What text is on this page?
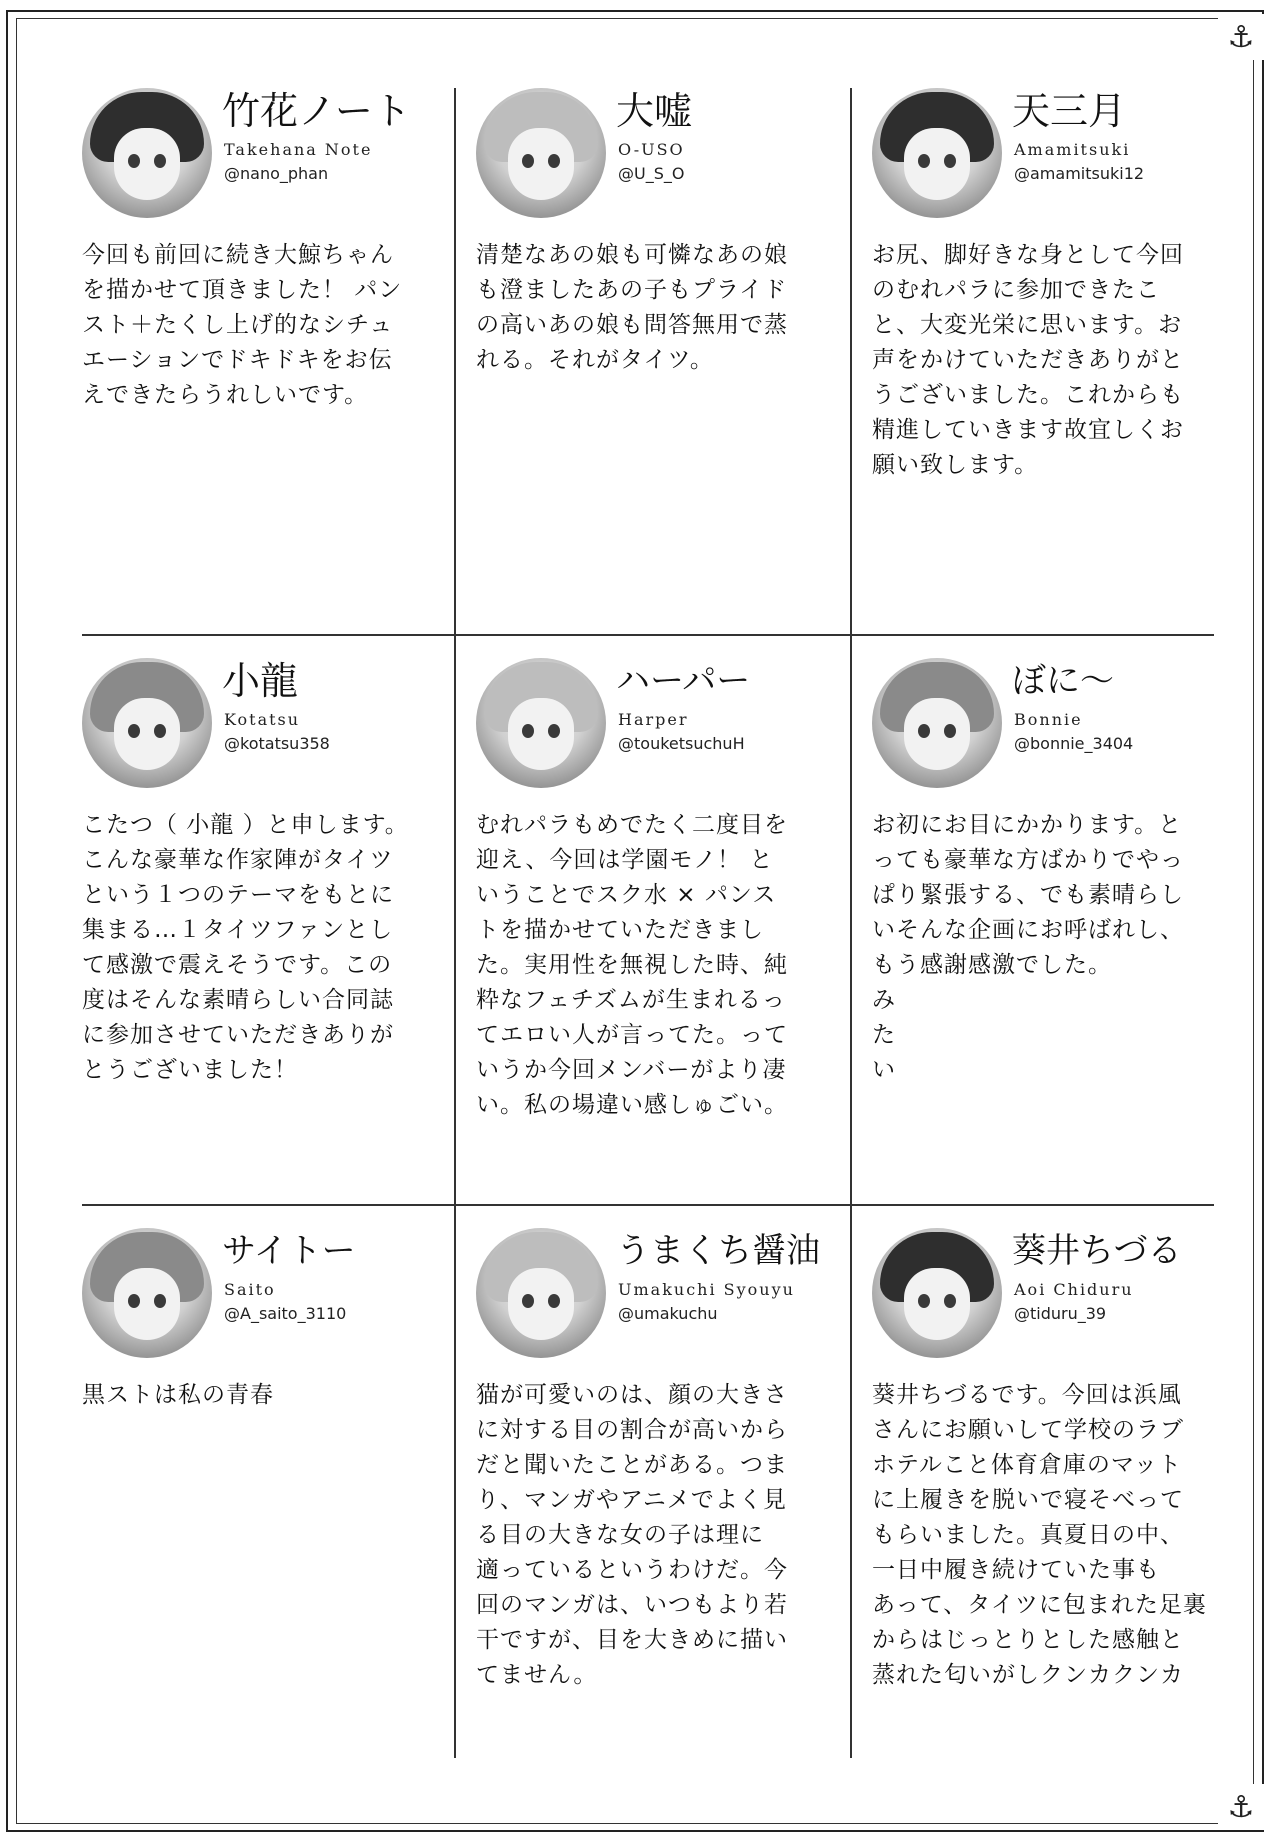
⚓
⚓
竹花ノート
Takehana Note
@nano_phan

今回も前回に続き大鯨ちゃん
を描かせて頂きました！ パン
スト＋たくし上げ的なシチュ
エーションでドキドキをお伝
えできたらうれしいです。

大嘘
O-USO
@U_S_O

清楚なあの娘も可憐なあの娘
も澄ましたあの子もプライド
の高いあの娘も問答無用で蒸
れる。それがタイツ。

天三月
Amamitsuki
@amamitsuki12

お尻、脚好きな身として今回
のむれパラに参加できたこ
と、大変光栄に思います。お
声をかけていただきありがと
うございました。これからも
精進していきます故宜しくお
願い致します。

小龍
Kotatsu
@kotatsu358

こたつ（ 小龍 ）と申します。
こんな豪華な作家陣がタイツ
という１つのテーマをもとに
集まる…１タイツファンとし
て感激で震えそうです。この
度はそんな素晴らしい合同誌
に参加させていただきありが
とうございました！

ハーパー
Harper
@touketsuchuH

むれパラもめでたく二度目を
迎え、今回は学園モノ！ と
いうことでスク水 × パンス
トを描かせていただきまし
た。実用性を無視した時、純
粋なフェチズムが生まれるっ
てエロい人が言ってた。って
いうか今回メンバーがより凄
い。私の場違い感しゅごい。

ぼに〜
Bonnie
@bonnie_3404

お初にお目にかかります。と
っても豪華な方ばかりでやっ
ぱり緊張する、でも素晴らし
いそんな企画にお呼ばれし、
もう感謝感激でした。
み
た
い

サイトー
Saito
@A_saito_3110

黒ストは私の青春

うまくち醤油
Umakuchi Syouyu
@umakuchu

猫が可愛いのは、顔の大きさ
に対する目の割合が高いから
だと聞いたことがある。つま
り、マンガやアニメでよく見
る目の大きな女の子は理に
適っているというわけだ。今
回のマンガは、いつもより若
干ですが、目を大きめに描い
てません。

葵井ちづる
Aoi Chiduru
@tiduru_39

葵井ちづるです。今回は浜風
さんにお願いして学校のラブ
ホテルこと体育倉庫のマット
に上履きを脱いで寝そべって
もらいました。真夏日の中、
一日中履き続けていた事も
あって、タイツに包まれた足裏
からはじっとりとした感触と
蒸れた匂いがしクンカクンカ
